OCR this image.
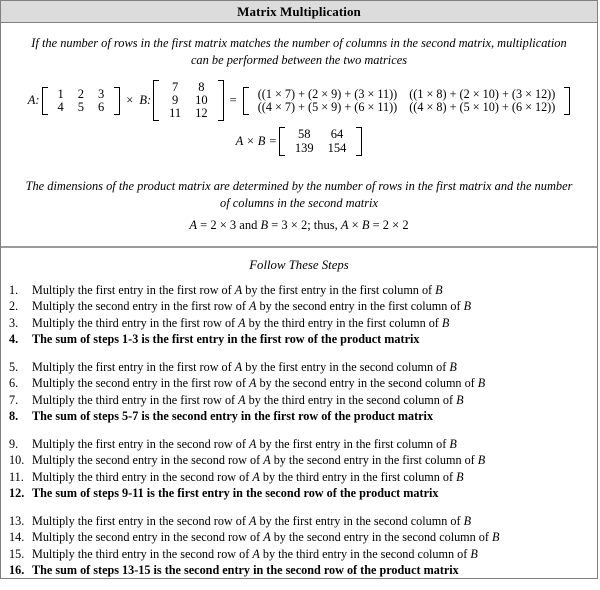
Matrix Multiplication
If the number of rows in the first matrix matches the number of columns in the second matrix, multiplication can be performed between the two matrices
A:	1	2	3
4	5	6	× B:
7	8
9	10
11	12
=	((1 × 7) + (2 × 9) + (3 × 11)) ((1 × 8) + (2 × 10) + (3 × 12))
((4 × 7) + (5 × 9) + (6 × 11)) ((4 × 8) + (5 × 10) + (6 × 12))
A × B =	58	64
139	154
The dimensions of the product matrix are determined by the number of rows in the first matrix and the number of columns in the second matrix
A = 2 × 3 and B = 3 × 2; thus, A × B = 2 × 2
Follow These Steps
1.	Multiply the first entry in the first row of A by the first entry in the first column of B
2.	Multiply the second entry in the first row of A by the second entry in the first column of B
3.	Multiply the third entry in the first row of A by the third entry in the first column of B
4.	The sum of steps 1-3 is the first entry in the first row of the product matrix
5.	Multiply the first entry in the first row of A by the first entry in the second column of B
6.	Multiply the second entry in the first row of A by the second entry in the second column of B
7.	Multiply the third entry in the first row of A by the third entry in the second column of B
8.	The sum of steps 5-7 is the second entry in the first row of the product matrix
9.	Multiply the first entry in the second row of A by the first entry in the first column of B
10. Multiply the second entry in the second row of A by the second entry in the first column of B
11. Multiply the third entry in the second row of A by the third entry in the first column of B
12. The sum of steps 9-11 is the first entry in the second row of the product matrix
13. Multiply the first entry in the second row of A by the first entry in the second column of B
14. Multiply the second entry in the second row of A by the second entry in the second column of B
15. Multiply the third entry in the second row of A by the third entry in the second column of B
16. The sum of steps 13-15 is the second entry in the second row of the product matrix
